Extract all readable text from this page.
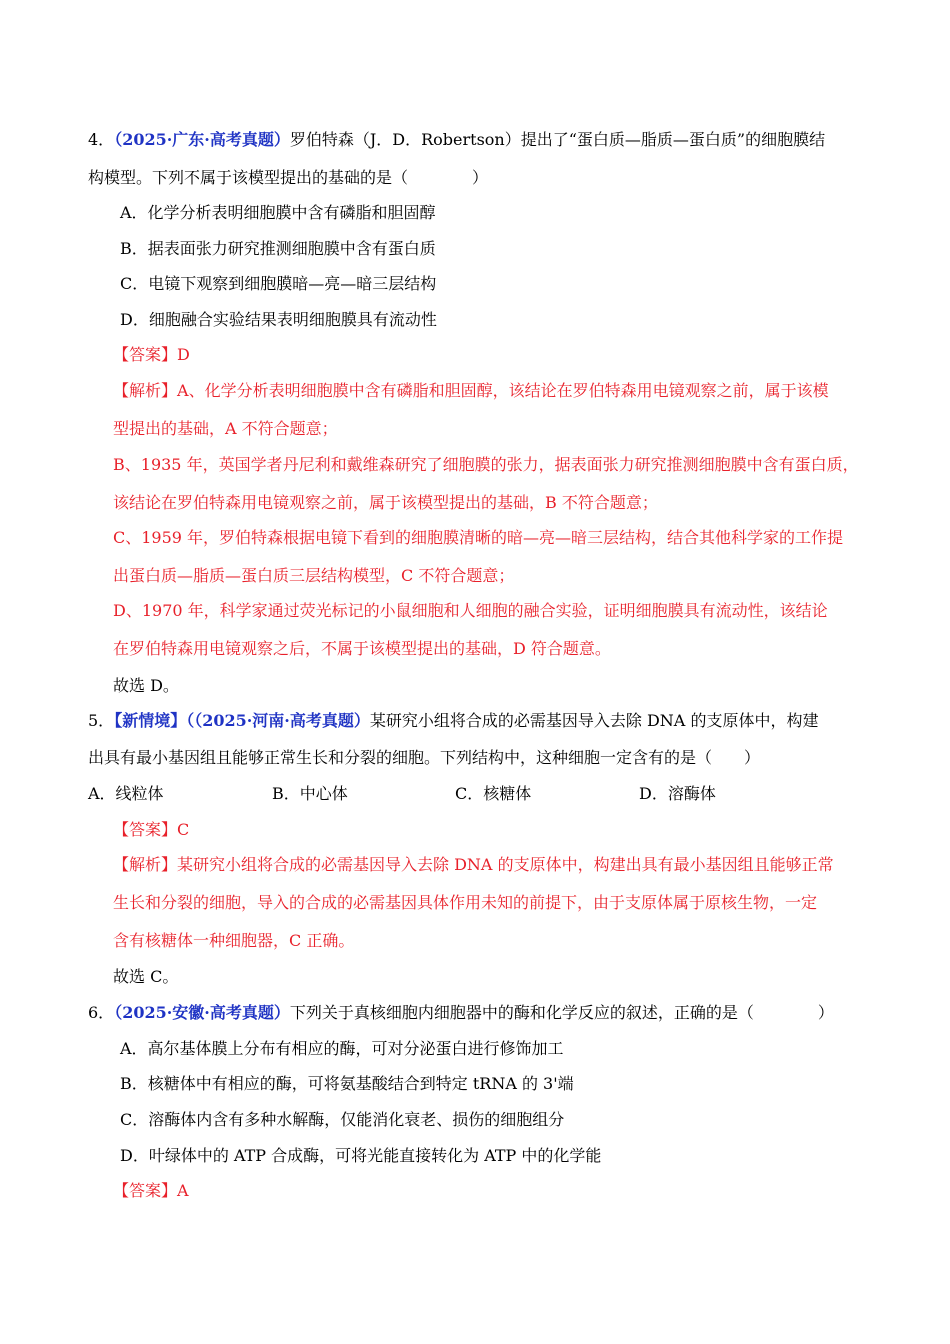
4．（2025·广东·高考真题）罗伯特森（J．D．Robertson）提出了“蛋白质—脂质—蛋白质”的细胞膜结
构模型。下列不属于该模型提出的基础的是（　　　　）
A．化学分析表明细胞膜中含有磷脂和胆固醇
B．据表面张力研究推测细胞膜中含有蛋白质
C．电镜下观察到细胞膜暗—亮—暗三层结构
D．细胞融合实验结果表明细胞膜具有流动性
【答案】D
【解析】A、化学分析表明细胞膜中含有磷脂和胆固醇，该结论在罗伯特森用电镜观察之前，属于该模
型提出的基础，A 不符合题意；
B、1935 年，英国学者丹尼利和戴维森研究了细胞膜的张力，据表面张力研究推测细胞膜中含有蛋白质，
该结论在罗伯特森用电镜观察之前，属于该模型提出的基础，B 不符合题意；
C、1959 年，罗伯特森根据电镜下看到的细胞膜清晰的暗—亮—暗三层结构，结合其他科学家的工作提
出蛋白质—脂质—蛋白质三层结构模型，C 不符合题意；
D、1970 年，科学家通过荧光标记的小鼠细胞和人细胞的融合实验，证明细胞膜具有流动性，该结论
在罗伯特森用电镜观察之后，不属于该模型提出的基础，D 符合题意。
故选 D。
5．【新情境】（（2025·河南·高考真题）某研究小组将合成的必需基因导入去除 DNA 的支原体中，构建
出具有最小基因组且能够正常生长和分裂的细胞。下列结构中，这种细胞一定含有的是（　　）
A．线粒体	B．中心体	C．核糖体	D．溶酶体
【答案】C
【解析】某研究小组将合成的必需基因导入去除 DNA 的支原体中，构建出具有最小基因组且能够正常
生长和分裂的细胞，导入的合成的必需基因具体作用未知的前提下，由于支原体属于原核生物，一定
含有核糖体一种细胞器，C 正确。
故选 C。
6．（2025·安徽·高考真题）下列关于真核细胞内细胞器中的酶和化学反应的叙述，正确的是（　　　　）
A．高尔基体膜上分布有相应的酶，可对分泌蛋白进行修饰加工
B．核糖体中有相应的酶，可将氨基酸结合到特定 tRNA 的 3'端
C．溶酶体内含有多种水解酶，仅能消化衰老、损伤的细胞组分
D．叶绿体中的 ATP 合成酶，可将光能直接转化为 ATP 中的化学能
【答案】A
